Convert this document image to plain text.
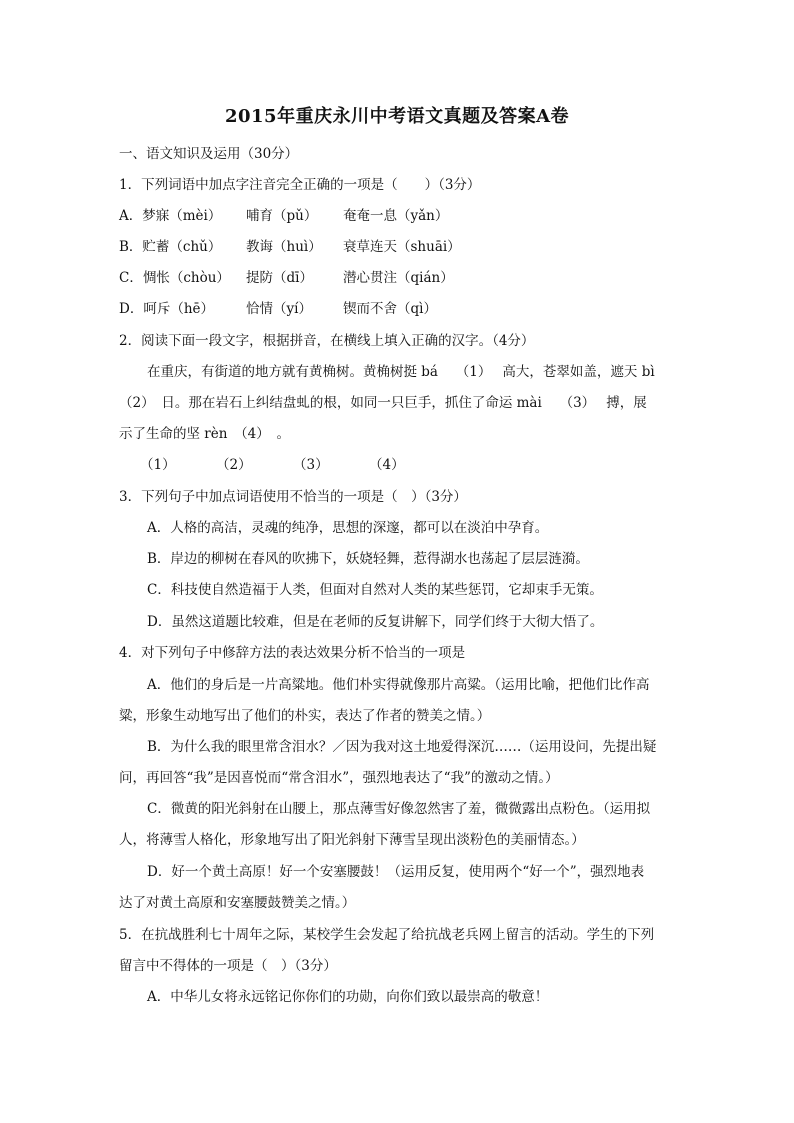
2015年重庆永川中考语文真题及答案A卷
一、语文知识及运用（30分）
1．下列词语中加点字注音完全正确的一项是（　　）（3分）
A．梦寐（mèi） 哺育（pǔ） 奄奄一息（yǎn）
B．贮蓄（chǔ） 教诲（huì） 衰草连天（shuāi）
C．惆怅（chòu） 提防（dī） 潜心贯注（qián）
D．呵斥（hē） 恰情（yí） 锲而不舍（qì）
2．阅读下面一段文字，根据拼音，在横线上填入正确的汉字。（4分）
在重庆，有街道的地方就有黄桷树。黄桷树挺 bá　 （1）　 高大，苍翠如盖，遮天 bì
（2）　日。那在岩石上纠结盘虬的根，如同一只巨手，抓住了命运 mài　 （3）　 搏，展
示了生命的坚 rèn　（4）　。
（1）	（2）	（3）	（4）
3．下列句子中加点词语使用不恰当的一项是（　）（3分）
A．人格的高洁，灵魂的纯净，思想的深邃，都可以在淡泊中孕育。
B．岸边的柳树在春风的吹拂下，妖娆轻舞，惹得湖水也荡起了层层涟漪。
C．科技使自然造福于人类，但面对自然对人类的某些惩罚，它却束手无策。
D．虽然这道题比较难，但是在老师的反复讲解下，同学们终于大彻大悟了。
4．对下列句子中修辞方法的表达效果分析不恰当的一项是
A．他们的身后是一片高粱地。他们朴实得就像那片高粱。（运用比喻，把他们比作高
粱，形象生动地写出了他们的朴实，表达了作者的赞美之情。）
B．为什么我的眼里常含泪水？／因为我对这土地爱得深沉……（运用设问，先提出疑
问，再回答“我”是因喜悦而“常含泪水”，强烈地表达了“我”的激动之情。）
C．微黄的阳光斜射在山腰上，那点薄雪好像忽然害了羞，微微露出点粉色。（运用拟
人，将薄雪人格化，形象地写出了阳光斜射下薄雪呈现出淡粉色的美丽情态。）
D．好一个黄土高原！好一个安塞腰鼓！（运用反复，使用两个“好一个”，强烈地表
达了对黄土高原和安塞腰鼓赞美之情。）
5．在抗战胜利七十周年之际，某校学生会发起了给抗战老兵网上留言的活动。学生的下列
留言中不得体的一项是（　）（3分）
A．中华儿女将永远铭记你你们的功勋，向你们致以最崇高的敬意！
